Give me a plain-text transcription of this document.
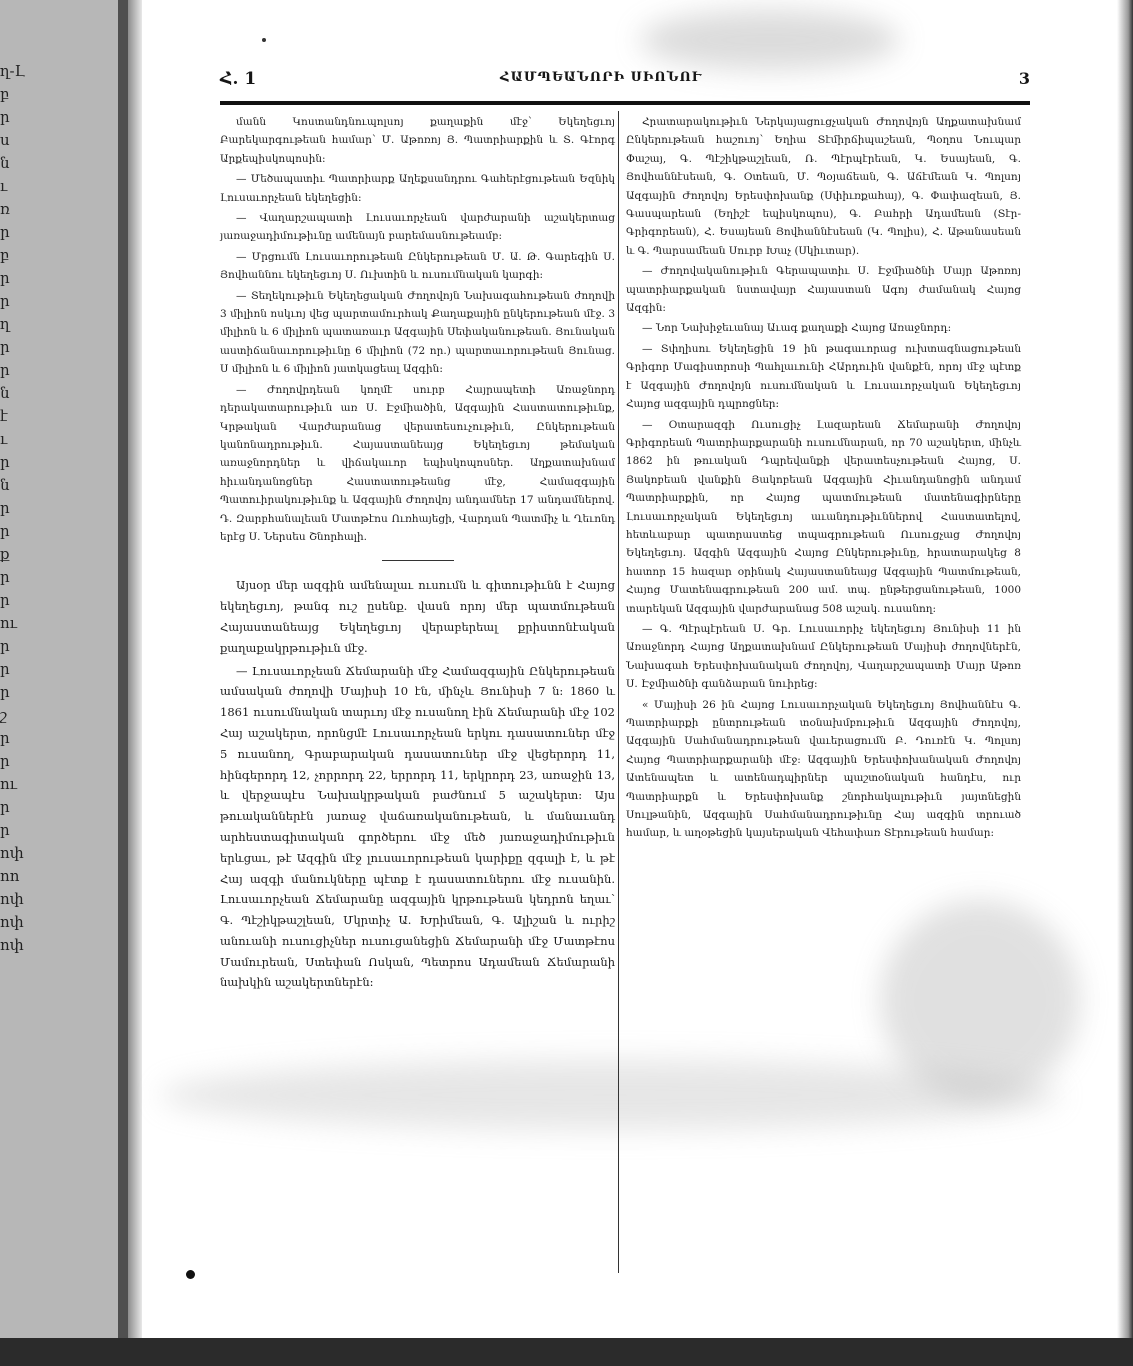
ղ-Լ
բ
ր
ս
ն
ւ
ռ
ր
բ
ր
ր
ղ
ր
ր
ն
է
ւ
ր
ն
ր
ր
ք
ր
ր
ու
ր
ր
ր
շ
ր
ր
ու
ր
ր
ոփ
ոո
ոփ
ոփ
ոփ
Հ. 1	ՀԱՄՊԵԱՆՈՐԻ ՍԻՈՆՈՒ	3

մանն Կոստանդնուպոլսոյ քաղաքին մէջ՝ Եկեղեցւոյ Բարեկարգութեան համար՝ Մ. Աթոռոյ Յ. Պատրիարքին և Տ. Գէորգ Արքեպիսկոպոսին:

— Մեծապատիւ Պատրիարք Աղեքսանդրու Գահերէցութեան Եզնիկ Լուսաւորչեան եկեղեցին։

— Վաղարշապատի Լուսաւորչեան վարժարանի աշակերտաց յառաջադիմութիւնը ամենայն բարեմասնութեամբ:

— Մրցումն Լուսաւորութեան Ընկերութեան Մ. Ա. Թ. Գարեգին Ս. Յովհաննու եկեղեցւոյ Ս. Ուխտին և ուսումնական կարգի:

— Տեղեկութիւն Եկեղեցական Ժողովոյն Նախագահութեան ժողովի 3 միլիոն ոսկւոյ վեց պարտամուրհակ Քաղաքային ընկերութեան մէջ. 3 միլիոն և 6 միլիոն պատառաւր Ազգային Սեփականութեան. Յունական աստիճանաւորութիւնը 6 միլիոն (72 որ.) պարտաւորութեան Յունաց. Ս միլիոն և 6 միլիոն յատկացեալ Ազգին։

— Ժողովրդեան կողմէ սուրբ Հայրապետի Առաջնորդ դերակատարութիւն առ Ս. Էջմիածին, Ազգային Հաստատութիւնք, Կրթական Վարժարանաց վերատեսուչութիւն, Ընկերութեան կանոնադրութիւն. Հայաստանեայց Եկեղեցւոյ թեմական առաջնորդներ և վիճակաւոր եպիսկոպոսներ. Աղքատախնամ հիւանդանոցներ Հաստատութեանց մէջ, Համազգային Պատուիրակութիւնք և Ազգային Ժողովոյ անդամներ 17 անդամներով. Դ. Զարբհանալեան Մատթէոս Ուռհայեցի, Վարդան Պատմիչ և Ղեւոնդ երէց Ս. Ներսես Շնորհալի.

Այսօր մեր ազգին ամենալաւ ուսումն և գիտութիւնն է Հայոց եկեղեցւոյ, թանգ ուշ ըսենք. վասն որոյ մեր պատմութեան Հայաստանեայց Եկեղեցւոյ վերաբերեալ քրիստոնէական քաղաքակրթութիւն մէջ.

— Լուսաւորչեան Ճեմարանի մէջ Համազգային Ընկերութեան ամսական ժողովի Մայիսի 10 էն, մինչև Յունիսի 7 ն: 1860 և 1861 ուսումնական տարւոյ մէջ ուսանող էին Ճեմարանի մէջ 102 Հայ աշակերտ, որոնցմէ Լուսաւորչեան երկու դասատուներ մէջ 5 ուսանող, Գրաբարական դասատուներ մէջ վեցերորդ 11, հինգերորդ 12, չորրորդ 22, երրորդ 11, երկրորդ 23, առաջին 13, և վերջապէս Նախակրթական բաժնում 5 աշակերտ: Այս թուականներէն յառաջ վաճառականութեան, և մանաւանդ արհեստագիտական գործերու մէջ մեծ յառաջադիմութիւն երևցաւ, թէ Ազգին մէջ լուսաւորութեան կարիքը զգալի է, և թէ Հայ ազգի մանուկները պէտք է դասատուներու մէջ ուսանին. Լուսաւորչեան Ճեմարանը ազգային կրթութեան կեդրոն եղաւ՝ Գ. Պէշիկթաշլեան, Մկրտիչ Ա. Խրիմեան, Գ. Ալիշան և ուրիշ անուանի ուսուցիչներ ուսուցանեցին Ճեմարանի մէջ Մատթէոս Մամուրեան, Ստեփան Ոսկան, Պետրոս Ադամեան Ճեմարանի նախկին աշակերտներէն։

Հրատարակութիւն Ներկայացուցչական Ժողովոյն Աղքատախնամ Ընկերութեան հաշուոյ՝ Եղիա Տէմիրճիպաշեան, Պօղոս Նուպար Փաշայ, Գ. Պէշիկթաշլեան, Ռ. Պէրպէրեան, Կ. Եսայեան, Գ. Յովհաննէսեան, Գ. Օտեան, Մ. Պօյաճեան, Գ. Աճէմեան Կ. Պոլսոյ Ազգային Ժողովոյ Երեսփոխանք (Սփիւռքահայ), Գ. Փափազեան, Յ. Գասպարեան (Եղիշէ եպիսկոպոս), Գ. Բահրի Ադամեան (Տէր-Գրիգորեան), Հ. Եսայեան Յովհաննէսեան (Կ. Պոլիս), Հ. Աթանասեան և Գ. Պարսամեան Սուրբ Խաչ (Սկիւտար).

— Ժողովականութիւն Գերապատիւ Ս. Էջմիածնի Մայր Աթոռոյ պատրիարքական նստավայր Հայաստան Ագոյ ժամանակ Հայոց Ազգին:

— Նոր Նախիջեւանայ Աւագ քաղաքի Հայոց Առաջնորդ:

— Տփղիսու Եկեղեցին 19 ին թագաւորաց ուխտագնացութեան Գրիգոր Մագիստրոսի Պահլաւունի ՀԱրդուին վանքէն, որոյ մէջ պէտք է Ազգային Ժողովոյն ուսումնական և Լուսաւորչական Եկեղեցւոյ Հայոց ազգային դպրոցներ։

— Օտարազգի Ուսուցիչ Լազարեան Ճեմարանի Ժողովոյ Գրիգորեան Պատրիարքարանի ուսումնարան, որ 70 աշակերտ, մինչև 1862 ին թուական Դպրեվանքի վերատեսչութեան Հայոց, Ս. Յակոբեան վանքին Յակոբեան Ազգային Հիւանդանոցին անդամ Պատրիարքին, որ Հայոց պատմութեան մատենագիրները Լուսաւորչական Եկեղեցւոյ աւանդութիւններով Հաստատելով, հետևաբար պատրաստեց տպագրութեան Ուսուցչաց Ժողովոյ Եկեղեցւոյ. Ազգին Ազգային Հայոց Ընկերութիւնը, հրատարակեց 8 հատոր 15 հազար օրինակ Հայաստանեայց Ազգային Պատմութեան, Հայոց Մատենագրութեան 200 ամ. տպ. ընթերցանութեան, 1000 տարեկան Ազգային վարժարանաց 508 աշակ. ուսանող:

— Գ. Պէրպէրեան Ս. Գր. Լուսաւորիչ եկեղեցւոյ Յունիսի 11 ին Առաջնորդ Հայոց Աղքատախնամ Ընկերութեան Մայիսի ժողովներէն, Նախագահ Երեսփոխանական Ժողովոյ, Վաղարշապատի Մայր Աթոռ Ս. Էջմիածնի գանձարան նուիրեց:

« Մայիսի 26 ին Հայոց Լուսաւորչական Եկեղեցւոյ Յովհաննէս Գ. Պատրիարքի ընտրութեան տօնախմբութիւն Ազգային Ժողովոյ, Ազգային Սահմանադրութեան վաւերացումն Բ. Դուռէն Կ. Պոլսոյ Հայոց Պատրիարքարանի մէջ: Ազգային Երեսփոխանական Ժողովոյ Ատենապետ և ատենադպիրներ պաշտօնական հանդէս, ուր Պատրիարքն և Երեսփոխանք շնորհակալութիւն յայտնեցին Սուլթանին, Ազգային Սահմանադրութիւնը Հայ ազգին տրուած համար, և աղօթեցին կայսերական Վեհափառ Տէրութեան համար:
